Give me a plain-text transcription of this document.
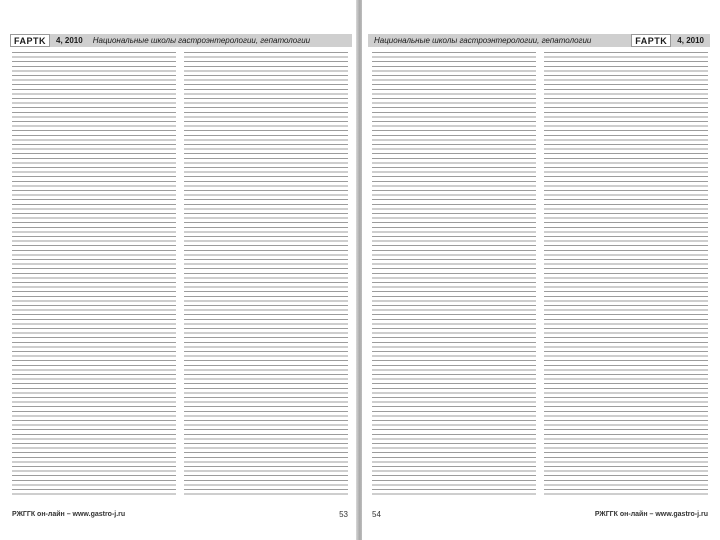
FAPTK	4, 2010	Национальные школы гастроэнтерологии, гепатологии
РЖГГК он-лайн – www.gastro-j.ru	53
Национальные школы гастроэнтерологии, гепатологии	FAPTK	4, 2010
54	РЖГГК он-лайн – www.gastro-j.ru
